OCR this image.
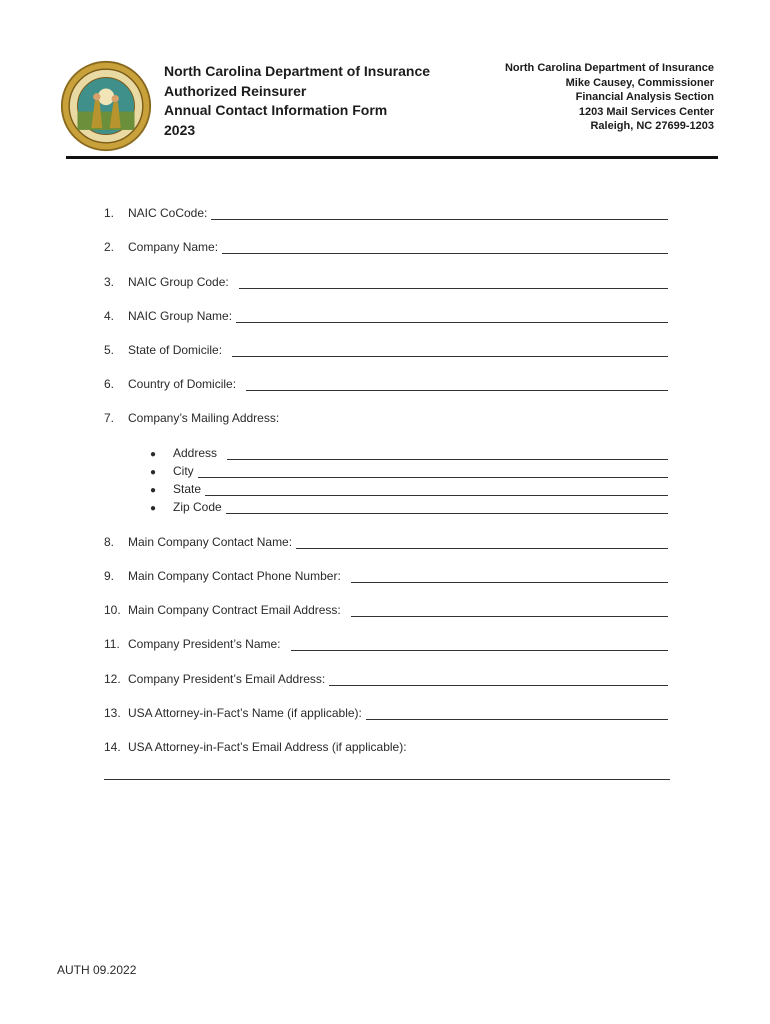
North Carolina Department of Insurance
Authorized Reinsurer
Annual Contact Information Form
2023
North Carolina Department of Insurance
Mike Causey, Commissioner
Financial Analysis Section
1203 Mail Services Center
Raleigh, NC 27699-1203
1.	NAIC CoCode:
2.	Company Name:
3.	NAIC Group Code:
4.	NAIC Group Name:
5.	State of Domicile:
6.	Country of Domicile:
7.	Company’s Mailing Address:
●	Address
●	City
●	State
●	Zip Code
8.	Main Company Contact Name:
9.	Main Company Contact Phone Number:
10. Main Company Contract Email Address:
11. Company President’s Name:
12. Company President’s Email Address:
13. USA Attorney-in-Fact’s Name (if applicable):
14. USA Attorney-in-Fact’s Email Address (if applicable):
AUTH 09.2022
